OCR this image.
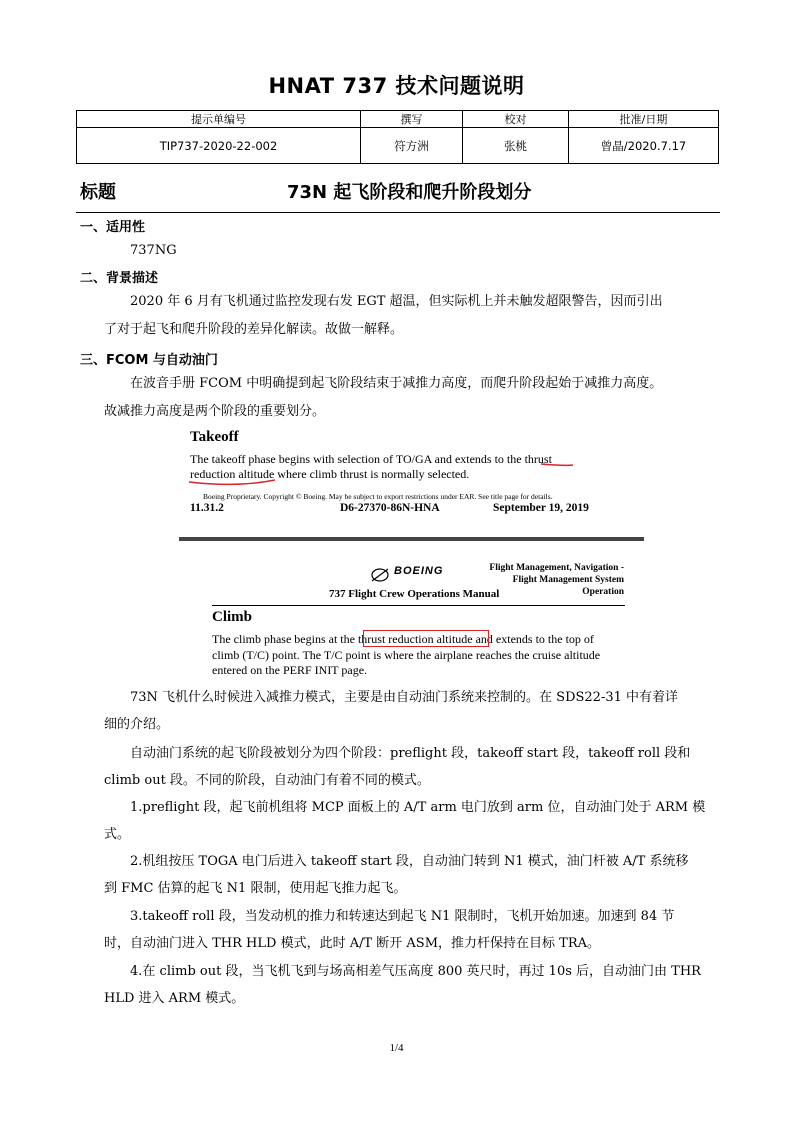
HNAT 737 技术问题说明
提示单编号	撰写	校对	批准/日期
TIP737-2020-22-002	符方洲	张桃	曾晶/2020.7.17
标题	73N 起飞阶段和爬升阶段划分
一、适用性
737NG
二、背景描述
2020 年 6 月有飞机通过监控发现右发 EGT 超温，但实际机上并未触发超限警告，因而引出
了对于起飞和爬升阶段的差异化解读。故做一解释。
三、FCOM 与自动油门
在波音手册 FCOM 中明确提到起飞阶段结束于减推力高度，而爬升阶段起始于减推力高度。
故减推力高度是两个阶段的重要划分。
Takeoff
The takeoff phase begins with selection of TO/GA and extends to the thrust
reduction altitude where climb thrust is normally selected.
Boeing Proprietary. Copyright © Boeing. May be subject to export restrictions under EAR. See title page for details.
11.31.2	D6-27370-86N-HNA	September 19, 2019
BOEING
737 Flight Crew Operations Manual
Flight Management, Navigation -
Flight Management System
Operation
Climb
The climb phase begins at the thrust reduction altitude and extends to the top of
climb (T/C) point. The T/C point is where the airplane reaches the cruise altitude
entered on the PERF INIT page.
73N 飞机什么时候进入减推力模式，主要是由自动油门系统来控制的。在 SDS22-31 中有着详
细的介绍。
自动油门系统的起飞阶段被划分为四个阶段：preflight 段，takeoff start 段，takeoff roll 段和
climb out 段。不同的阶段，自动油门有着不同的模式。
1.preflight 段，起飞前机组将 MCP 面板上的 A/T arm 电门放到 arm 位，自动油门处于 ARM 模
式。
2.机组按压 TOGA 电门后进入 takeoff start 段，自动油门转到 N1 模式，油门杆被 A/T 系统移
到 FMC 估算的起飞 N1 限制，使用起飞推力起飞。
3.takeoff roll 段，当发动机的推力和转速达到起飞 N1 限制时，飞机开始加速。加速到 84 节
时，自动油门进入 THR HLD 模式，此时 A/T 断开 ASM，推力杆保持在目标 TRA。
4.在 climb out 段，当飞机飞到与场高相差气压高度 800 英尺时，再过 10s 后，自动油门由 THR
HLD 进入 ARM 模式。
1/4
